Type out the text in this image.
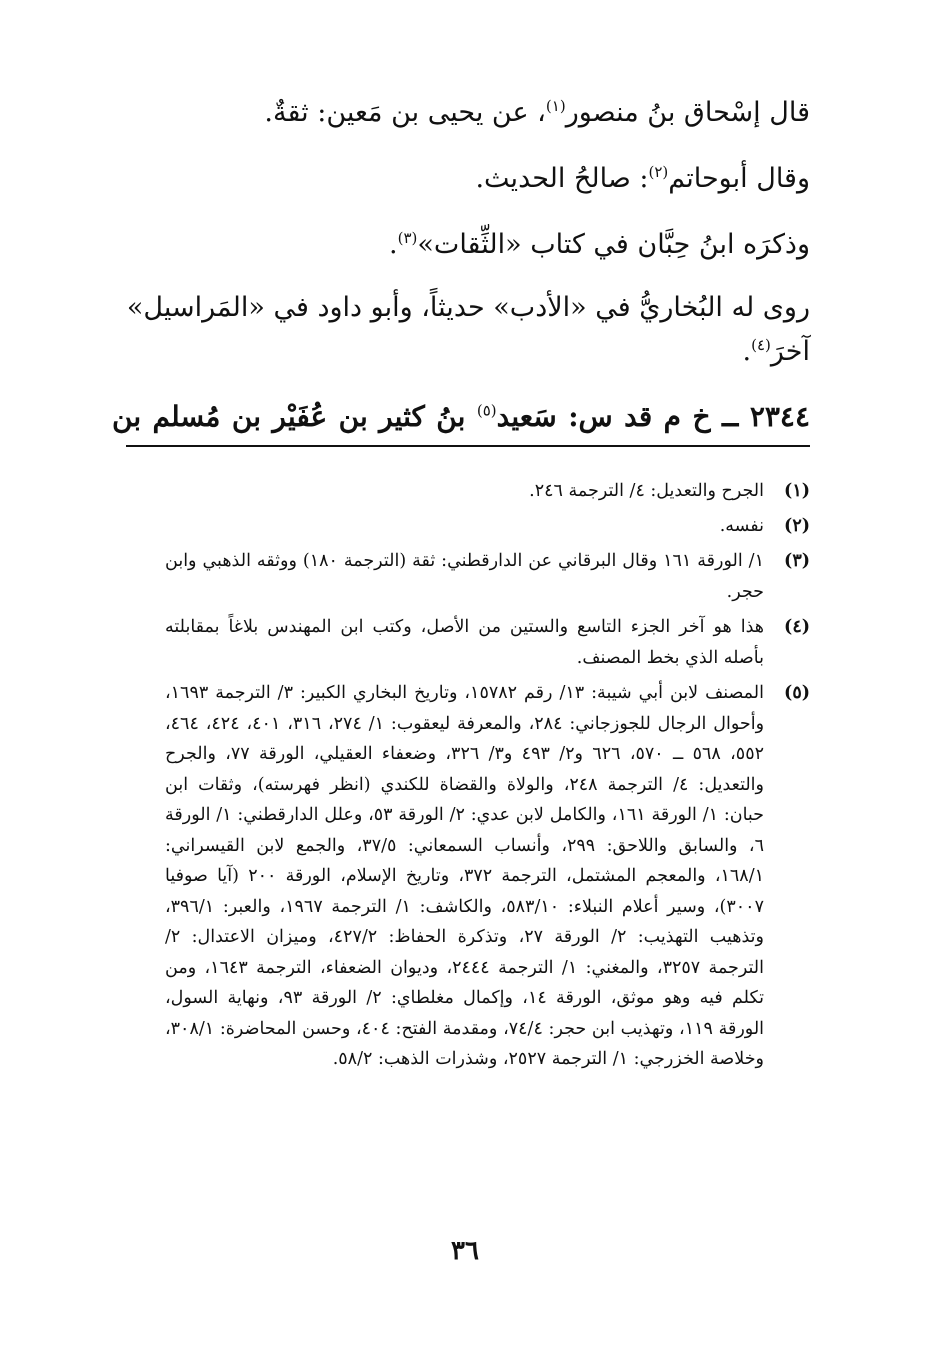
قال إسْحاق بنُ منصور$^{(١)}$، عن يحيى بن مَعين: ثقةٌ.

وقال أبوحاتم$^{(٢)}$: صالحُ الحديث.

وذكرَه ابنُ حِبَّان في كتاب «الثِّقات»$^{(٣)}$.

روى له البُخاريُّ في «الأدب» حديثاً، وأبو داود في «المَراسيل» آخرَ$^{(٤)}$.

٢٣٤٤ ــ خ م قد س: سَعيد$^{(٥)}$ بنُ كثير بن عُفَيْر بن مُسلم بن

(١)
الجرح والتعديل: ٤/ الترجمة ٢٤٦.

(٢)
نفسه.

(٣)
١/ الورقة ١٦١ وقال البرقاني عن الدارقطني: ثقة (الترجمة ١٨٠) ووثقه الذهبي وابن حجر.

(٤)
هذا هو آخر الجزء التاسع والستين من الأصل، وكتب ابن المهندس بلاغاً بمقابلته بأصله الذي بخط المصنف.

(٥)
المصنف لابن أبي شيبة: ١٣/ رقم ١٥٧٨٢، وتاريخ البخاري الكبير: ٣/ الترجمة ١٦٩٣، وأحوال الرجال للجوزجاني: ٢٨٤، والمعرفة ليعقوب: ١/ ٢٧٤، ٣١٦، ٤٠١، ٤٢٤، ٤٦٤، ٥٥٢، ٥٦٨ ــ ٥٧٠، ٦٢٦ و٢/ ٤٩٣ و٣/ ٣٢٦، وضعفاء العقيلي، الورقة ٧٧، والجرح والتعديل: ٤/ الترجمة ٢٤٨، والولاة والقضاة للكندي (انظر فهرسته)، وثقات ابن حبان: ١/ الورقة ١٦١، والكامل لابن عدي: ٢/ الورقة ٥٣، وعلل الدارقطني: ١/ الورقة ٦، والسابق واللاحق: ٢٩٩، وأنساب السمعاني: ٣٧/٥، والجمع لابن القيسراني: ١٦٨/١، والمعجم المشتمل، الترجمة ٣٧٢، وتاريخ الإسلام، الورقة ٢٠٠ (آيا صوفيا ٣٠٠٧)، وسير أعلام النبلاء: ٥٨٣/١٠، والكاشف: ١/ الترجمة ١٩٦٧، والعبر: ٣٩٦/١، وتذهيب التهذيب: ٢/ الورقة ٢٧، وتذكرة الحفاظ: ٤٢٧/٢، وميزان الاعتدال: ٢/ الترجمة ٣٢٥٧، والمغني: ١/ الترجمة ٢٤٤٤، وديوان الضعفاء، الترجمة ١٦٤٣، ومن تكلم فيه وهو موثق، الورقة ١٤، وإكمال مغلطاي: ٢/ الورقة ٩٣، ونهاية السول، الورقة ١١٩، وتهذيب ابن حجر: ٧٤/٤، ومقدمة الفتح: ٤٠٤، وحسن المحاضرة: ٣٠٨/١، وخلاصة الخزرجي: ١/ الترجمة ٢٥٢٧، وشذرات الذهب: ٥٨/٢.

٣٦
